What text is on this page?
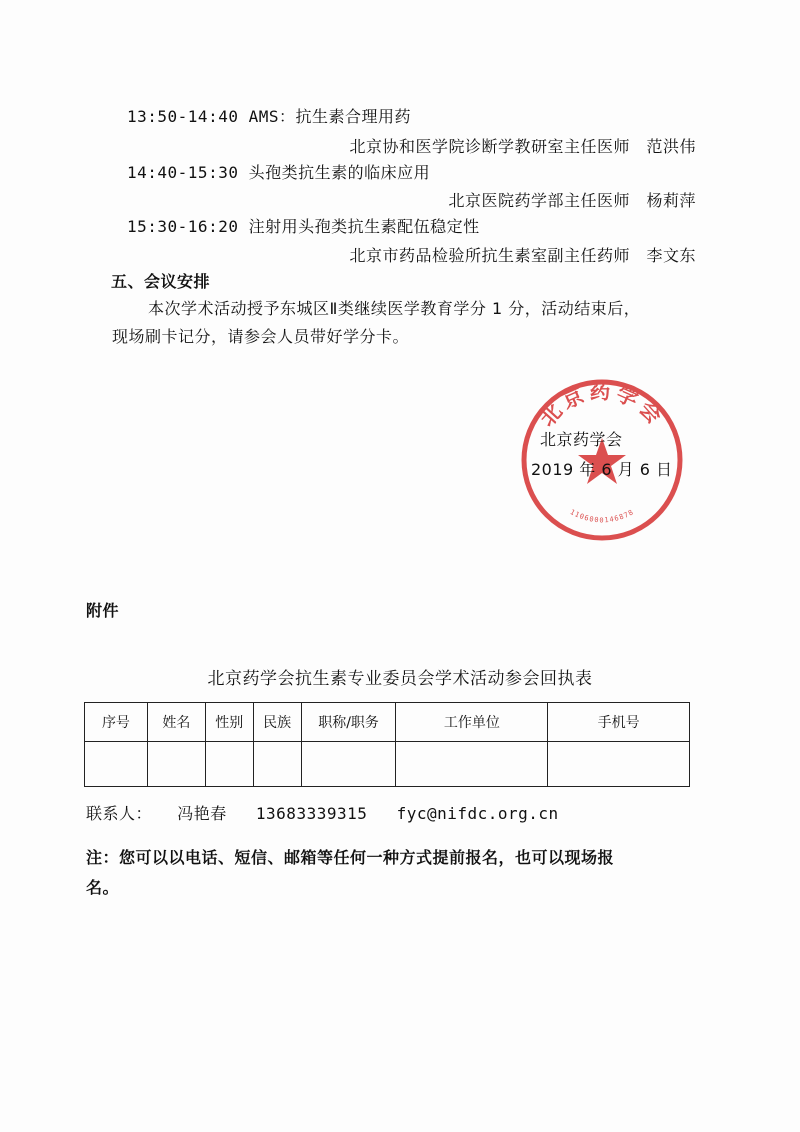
13:50-14:40 AMS：抗生素合理用药
北京协和医学院诊断学教研室主任医师　范洪伟
14:40-15:30 头孢类抗生素的临床应用
北京医院药学部主任医师　杨莉萍
15:30-16:20 注射用头孢类抗生素配伍稳定性
北京市药品检验所抗生素室副主任药师　李文东
五、会议安排
本次学术活动授予东城区Ⅱ类继续医学教育学分 1 分，活动结束后，
现场刷卡记分，请参会人员带好学分卡。
北京药学会
1106000146878
北京药学会
2019 年 6 月 6 日
附件
北京药学会抗生素专业委员会学术活动参会回执表
序号	姓名	性别	民族	职称/职务	工作单位	手机号

联系人： 冯艳春 13683339315 fyc@nifdc.org.cn
注：您可以以电话、短信、邮箱等任何一种方式提前报名，也可以现场报
名。
